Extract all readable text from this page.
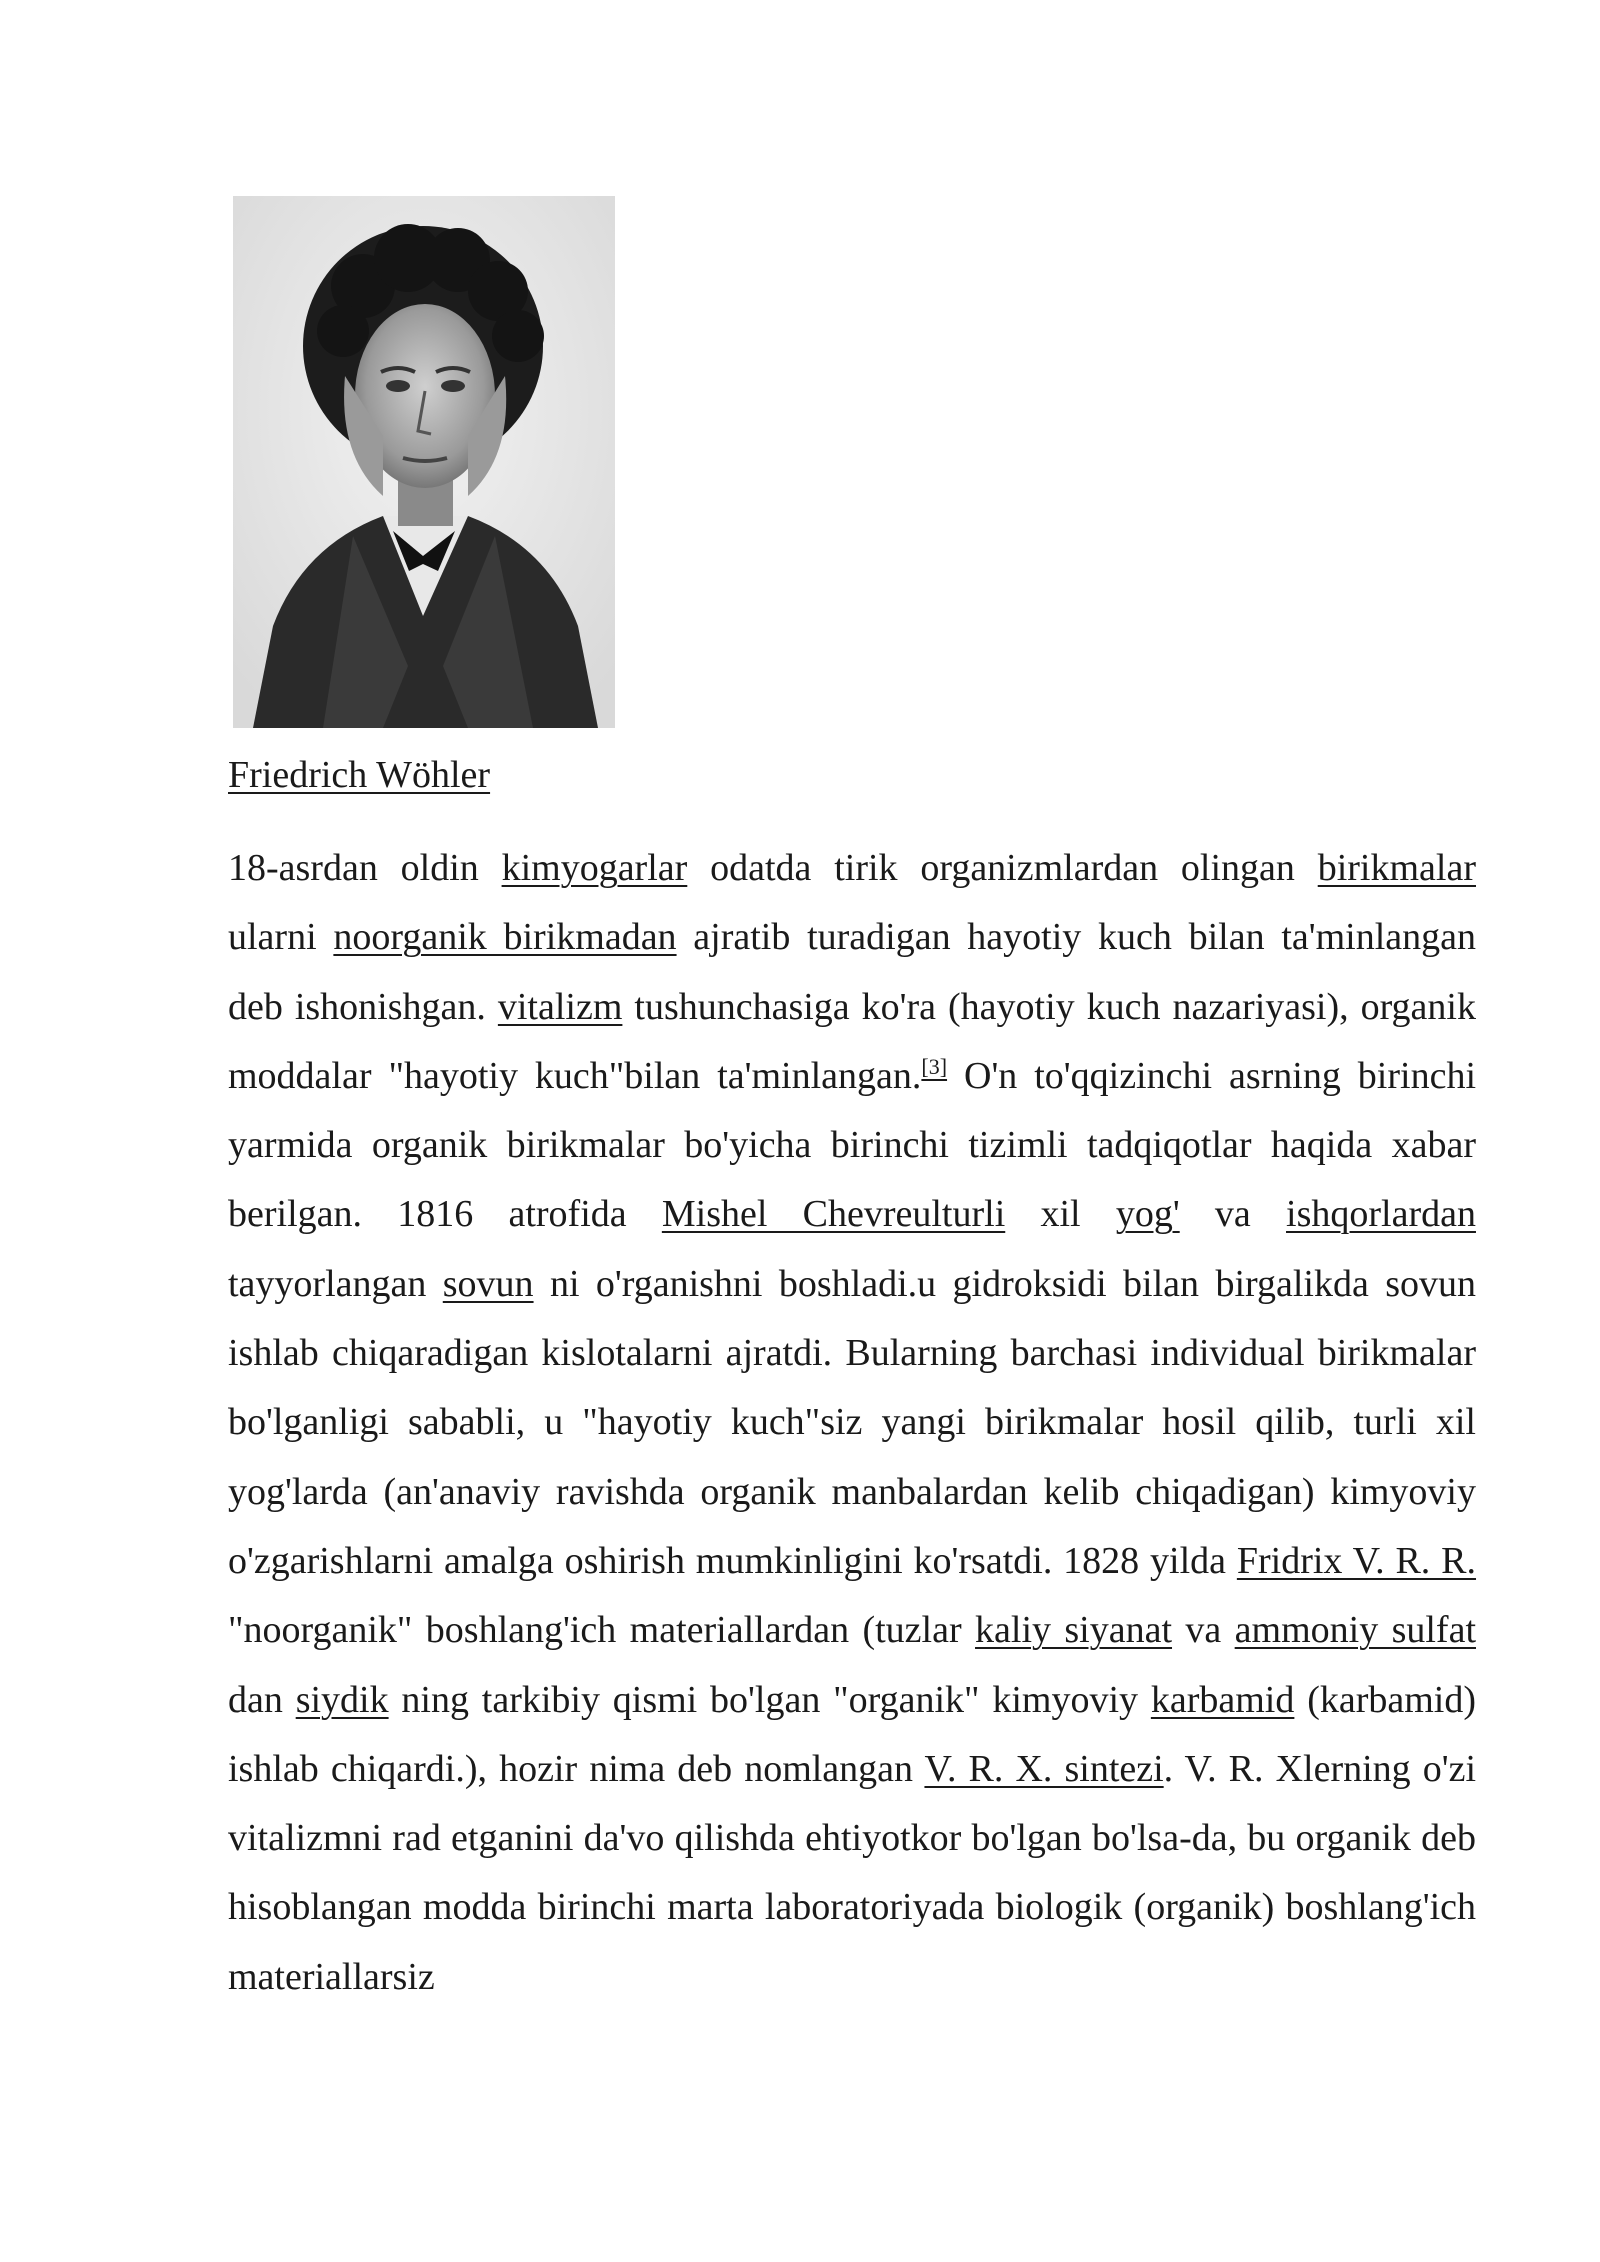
Friedrich Wöhler

18-asrdan oldin kimyogarlar odatda tirik organizmlardan olingan birikmalar ularni noorganik birikmadan ajratib turadigan hayotiy kuch bilan ta'minlangan deb ishonishgan. vitalizm tushunchasiga ko'ra (hayotiy kuch nazariyasi), organik moddalar "hayotiy kuch"bilan ta'minlangan.[3] O'n to'qqizinchi asrning birinchi yarmida organik birikmalar bo'yicha birinchi tizimli tadqiqotlar haqida xabar berilgan. 1816 atrofida Mishel Chevreulturli xil yog' va ishqorlardan tayyorlangan sovun ni o'rganishni boshladi.u gidroksidi bilan birgalikda sovun ishlab chiqaradigan kislotalarni ajratdi. Bularning barchasi individual birikmalar bo'lganligi sababli, u "hayotiy kuch"siz yangi birikmalar hosil qilib, turli xil yog'larda (an'anaviy ravishda organik manbalardan kelib chiqadigan) kimyoviy o'zgarishlarni amalga oshirish mumkinligini ko'rsatdi. 1828 yilda Fridrix V. R. R. "noorganik" boshlang'ich materiallardan (tuzlar kaliy siyanat va ammoniy sulfat dan siydik ning tarkibiy qismi bo'lgan "organik" kimyoviy karbamid (karbamid) ishlab chiqardi.), hozir nima deb nomlangan V. R. X. sintezi. V. R. Xlerning o'zi vitalizmni rad etganini da'vo qilishda ehtiyotkor bo'lgan bo'lsa-da, bu organik deb hisoblangan modda birinchi marta laboratoriyada biologik (organik) boshlang'ich materiallarsiz
